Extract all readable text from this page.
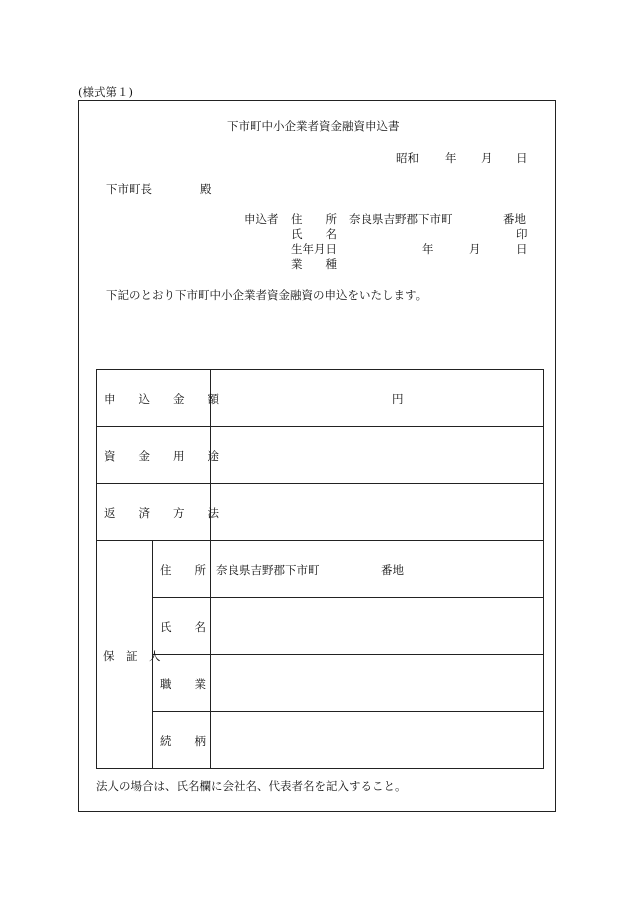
(様式第１)
下市町中小企業者資金融資申込書
昭和 年 月 日
下市町長	殿
申込者 住　　所 奈良県吉野郡下市町	番地
氏　　名	印
生年月日	年	月	日
業　　種
下記のとおり下市町中小企業者資金融資の申込をいたします。
申　　込　　金　　額	円
資　　金　　用　　途
返　　済　　方　　法
保　証　人
住　　所 奈良県吉野郡下市町	番地
氏　　名
職　　業
続　　柄
法人の場合は、氏名欄に会社名、代表者名を記入すること。
